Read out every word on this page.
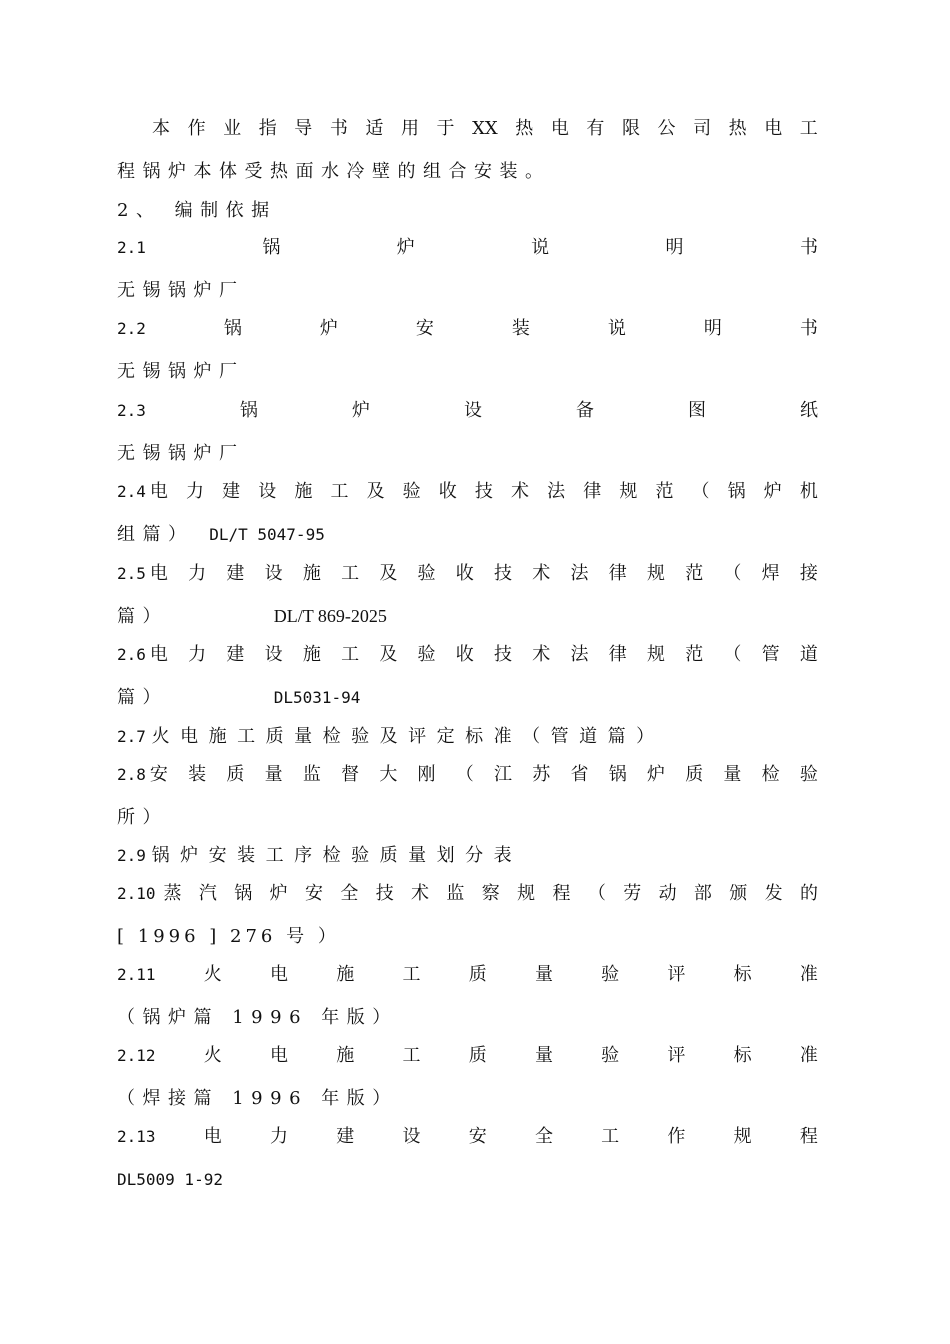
本 作 业 指 导 书 适 用 于 XX 热 电 有 限 公 司 热 电 工
程锅炉本体受热面水冷壁的组合安装。
2、 编制依据
2.1	锅	炉	说	明	书
无锡锅炉厂
2.2	锅	炉	安	装	说	明	书
无锡锅炉厂
2.3	锅	炉	设	备	图	纸
无锡锅炉厂
2.4 电 力 建 设 施 工 及 验 收 技 术 法 律 规 范 （ 锅 炉 机
组篇） DL/T 5047-95
2.5 电 力 建 设 施 工 及 验 收 技 术 法 律 规 范 （ 焊 接
篇）	DL/T 869-2025
2.6 电 力 建 设 施 工 及 验 收 技 术 法 律 规 范 （ 管 道
篇）	DL5031-94
2.7 火电施工质量检验及评定标准（管道篇）
2.8 安 装 质 量 监 督 大 刚 （ 江 苏 省 锅 炉 质 量 检 验
所）
2.9 锅炉安装工序检验质量划分表
2.10 蒸 汽 锅 炉 安 全 技 术 监 察 规 程 （ 劳 动 部 颁 发 的
[ 1996 ] 276 号 ）
2.11	火	电	施	工	质	量	验	评	标	准
（锅炉篇 1996 年版）
2.12	火	电	施	工	质	量	验	评	标	准
（焊接篇 1996 年版）
2.13	电	力	建	设	安	全	工	作	规	程
DL5009 1-92
